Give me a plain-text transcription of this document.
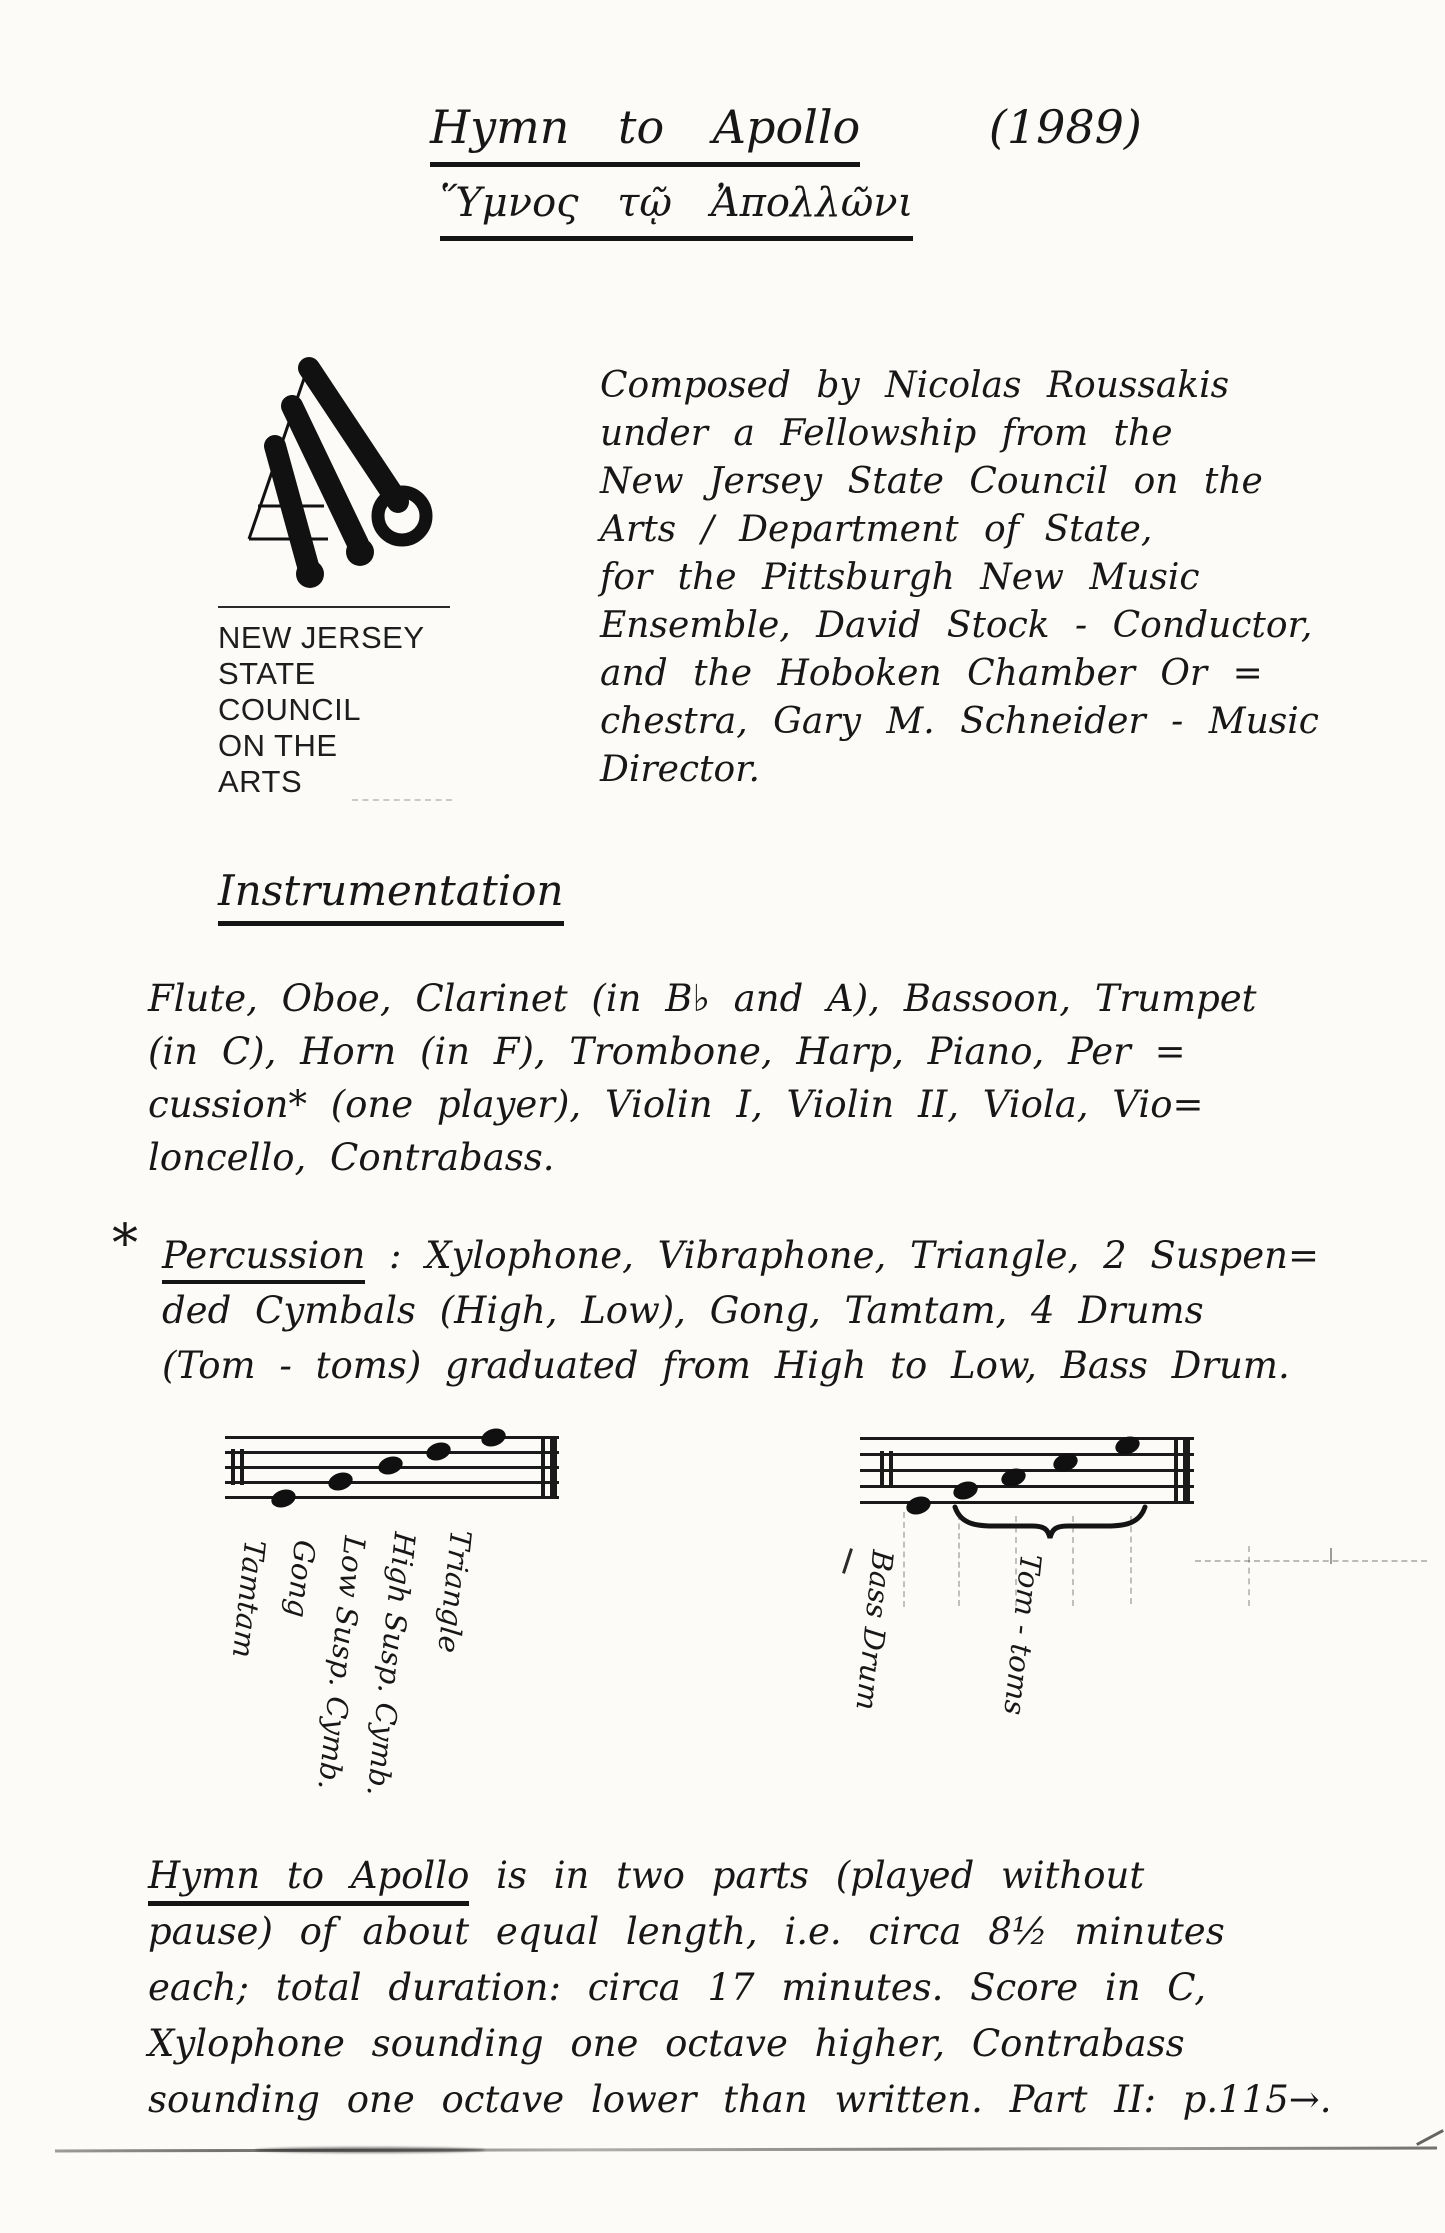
Hymn to Apollo	(1989)
Ὕμνος τῷ Ἀπολλῶνι
NEW JERSEY
STATE
COUNCIL
ON THE
ARTS
Composed by Nicolas Roussakis
under a Fellowship from the
New Jersey State Council on the
Arts / Department of State,
for the Pittsburgh New Music
Ensemble, David Stock - Conductor,
and the Hoboken Chamber Or =
chestra, Gary M. Schneider - Music
Director.
Instrumentation
Flute, Oboe, Clarinet (in B♭ and A), Bassoon, Trumpet
(in C), Horn (in F), Trombone, Harp, Piano, Per =
cussion* (one player), Violin I, Violin II, Viola, Vio=
loncello, Contrabass.
* Percussion : Xylophone, Vibraphone, Triangle, 2 Suspen=
ded Cymbals (High, Low), Gong, Tamtam, 4 Drums
(Tom - toms) graduated from High to Low, Bass Drum.
Tamtam Gong
Low Susp. Cymb.
High Susp. Cymb. Triangle	Bass Drum	Tom - toms
Hymn to Apollo is in two parts (played without
pause) of about equal length, i.e. circa 8½ minutes
each; total duration: circa 17 minutes. Score in C,
Xylophone sounding one octave higher, Contrabass
sounding one octave lower than written. Part II: p.115→.
